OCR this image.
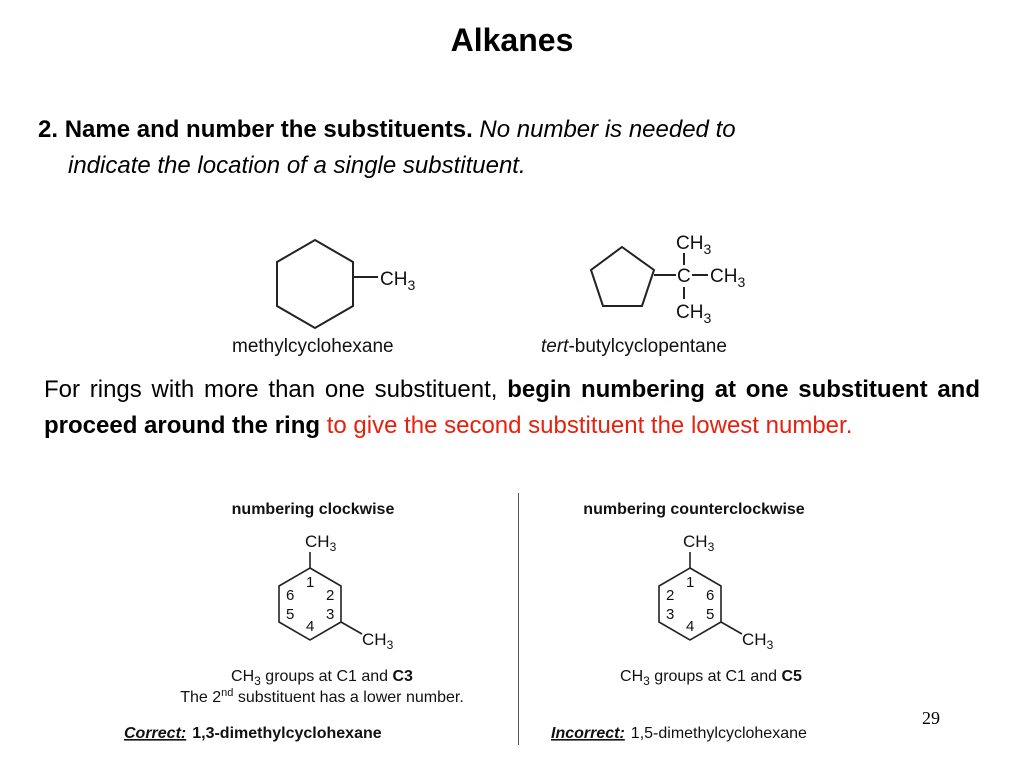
Alkanes
2. Name and number the substituents. No number is needed to
indicate the location of a single substituent.
$CH_3$
methylcyclohexane
$CH_3$
C $CH_3$
$CH_3$
tert-butylcyclopentane
For rings with more than one substituent, begin numbering at one substituent and proceed around the ring to give the second substituent the lowest number.
numbering clockwise
$CH_3$
$CH_3$
1
2
3
4
5
6
$CH_3$ groups at C1 and C3
The 2nd substituent has a lower number.
Correct: 1,3-dimethylcyclohexane
numbering counterclockwise
$CH_3$
$CH_3$
1
2
3
4
5
6
$CH_3$ groups at C1 and C5
Incorrect: 1,5-dimethylcyclohexane
29
